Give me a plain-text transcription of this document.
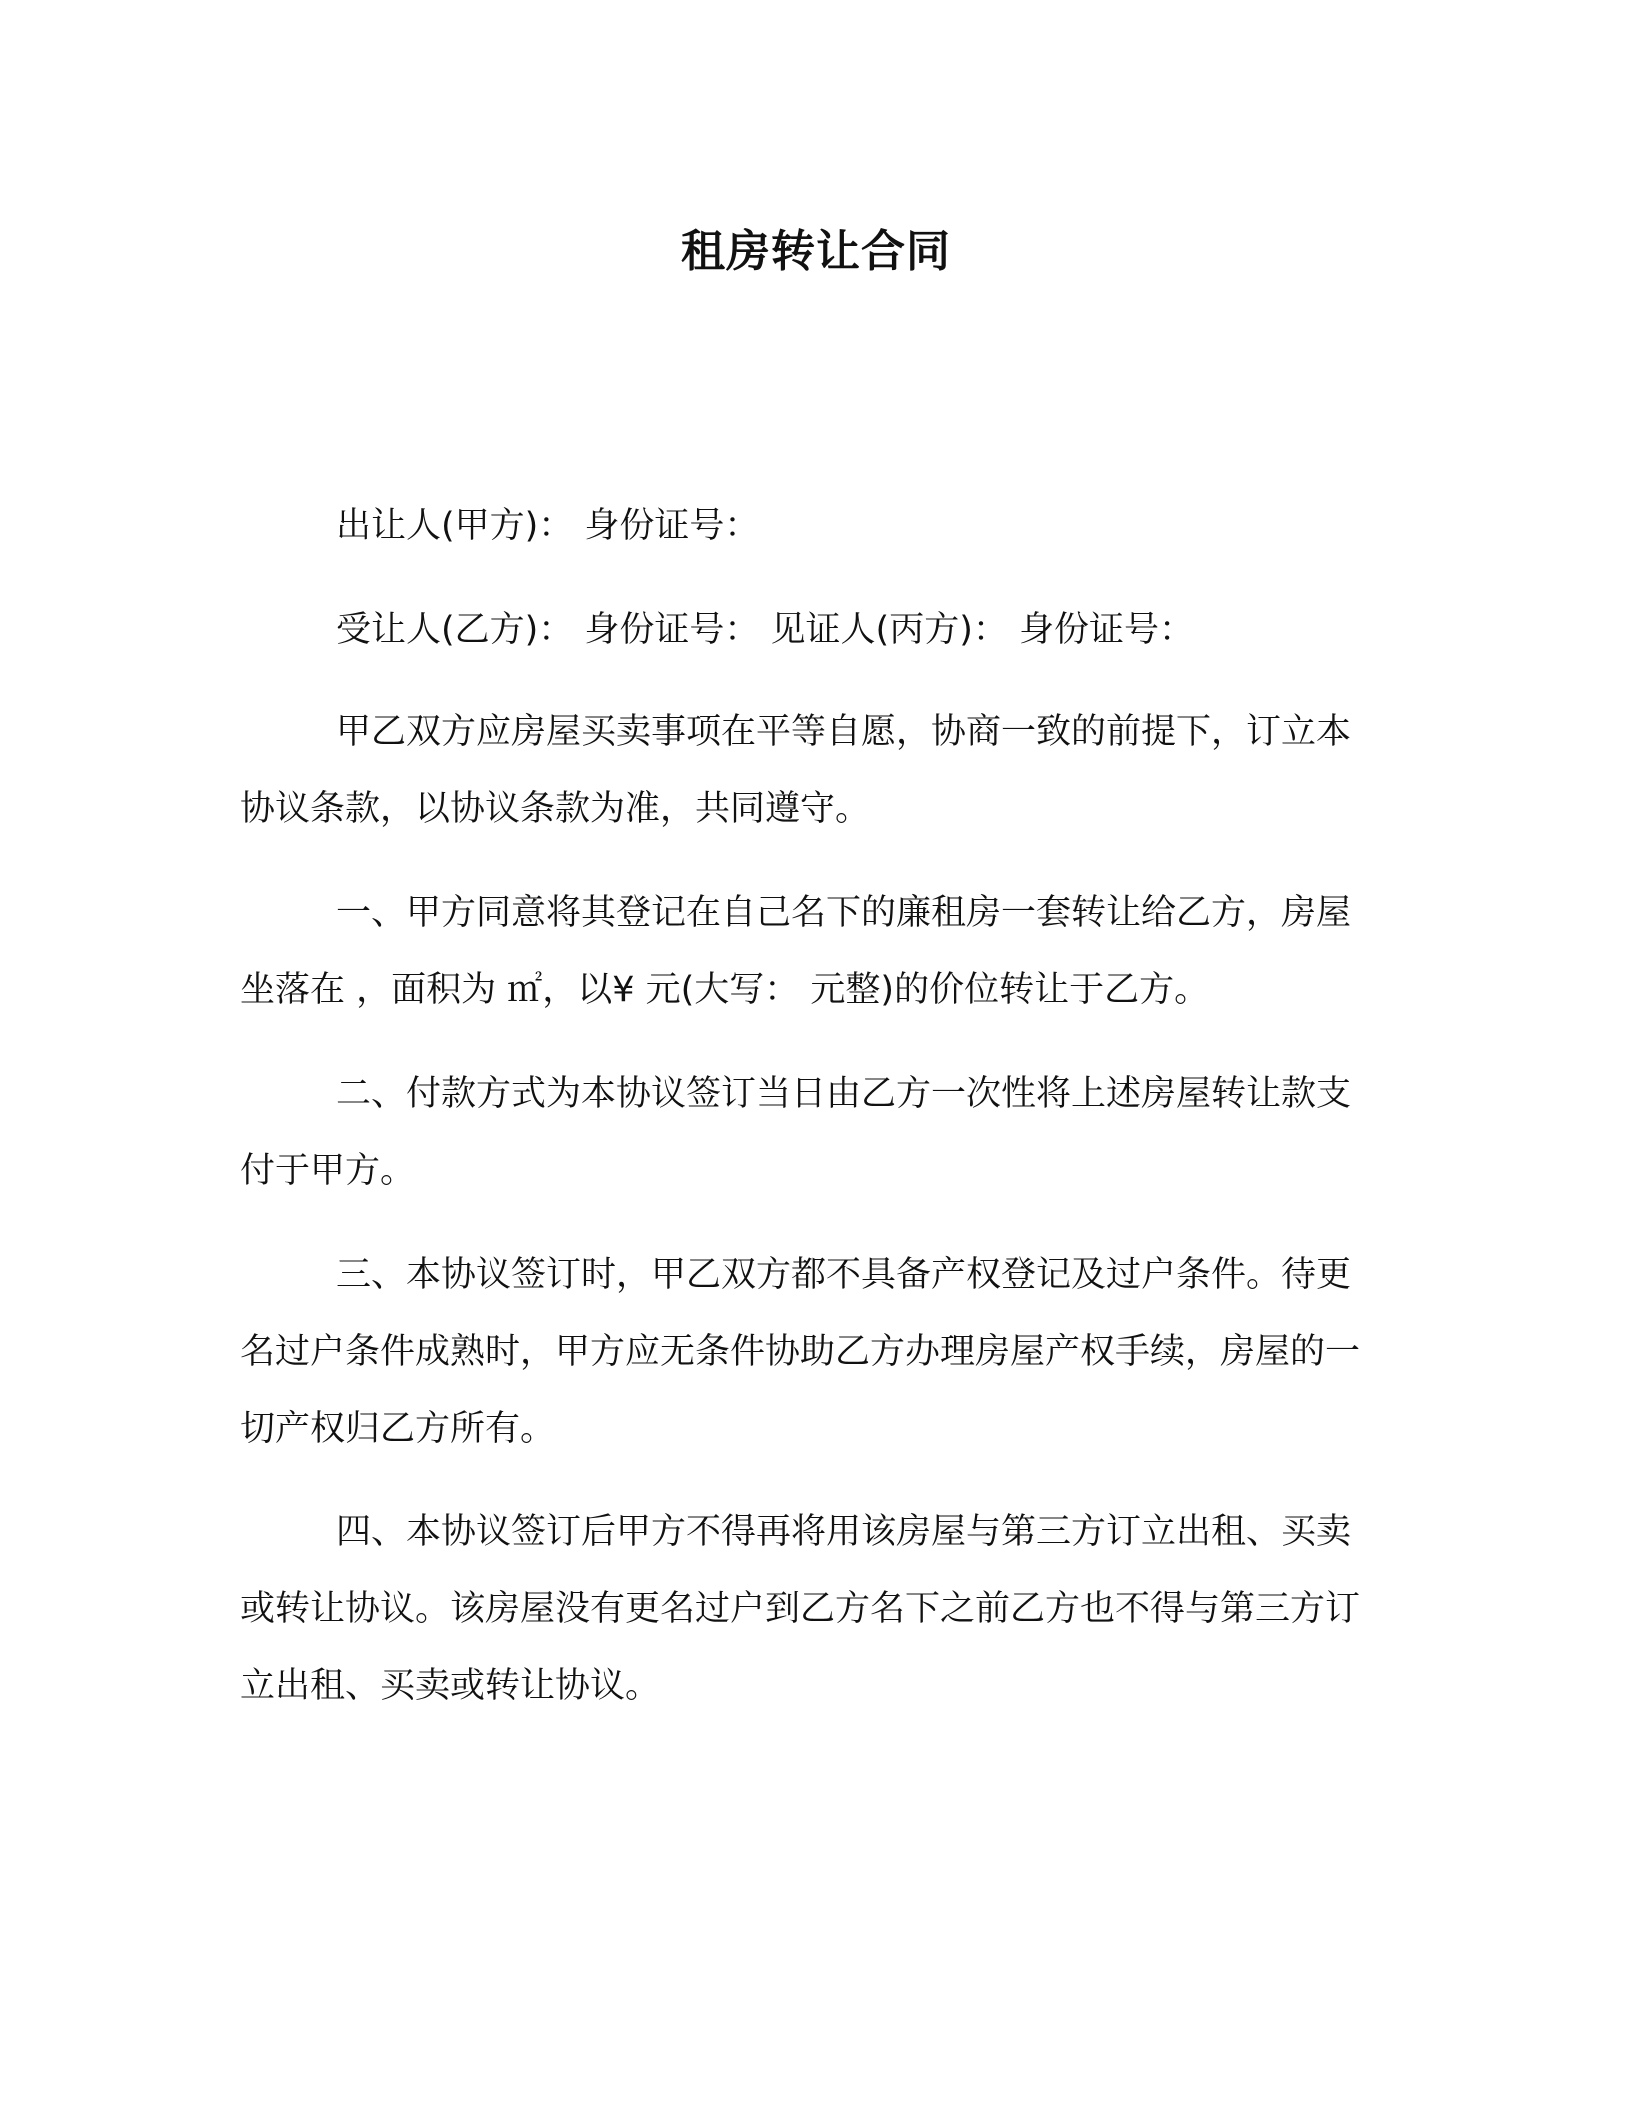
租房转让合同

出让人(甲方)： 身份证号：

受让人(乙方)： 身份证号： 见证人(丙方)： 身份证号：

甲乙双方应房屋买卖事项在平等自愿，协商一致的前提下，订立本协议条款，以协议条款为准，共同遵守。

一、甲方同意将其登记在自己名下的廉租房一套转让给乙方，房屋坐落在 ，面积为 ㎡，以¥ 元(大写： 元整)的价位转让于乙方。

二、付款方式为本协议签订当日由乙方一次性将上述房屋转让款支付于甲方。

三、本协议签订时，甲乙双方都不具备产权登记及过户条件。待更名过户条件成熟时，甲方应无条件协助乙方办理房屋产权手续，房屋的一切产权归乙方所有。

四、本协议签订后甲方不得再将用该房屋与第三方订立出租、买卖或转让协议。该房屋没有更名过户到乙方名下之前乙方也不得与第三方订立出租、买卖或转让协议。
